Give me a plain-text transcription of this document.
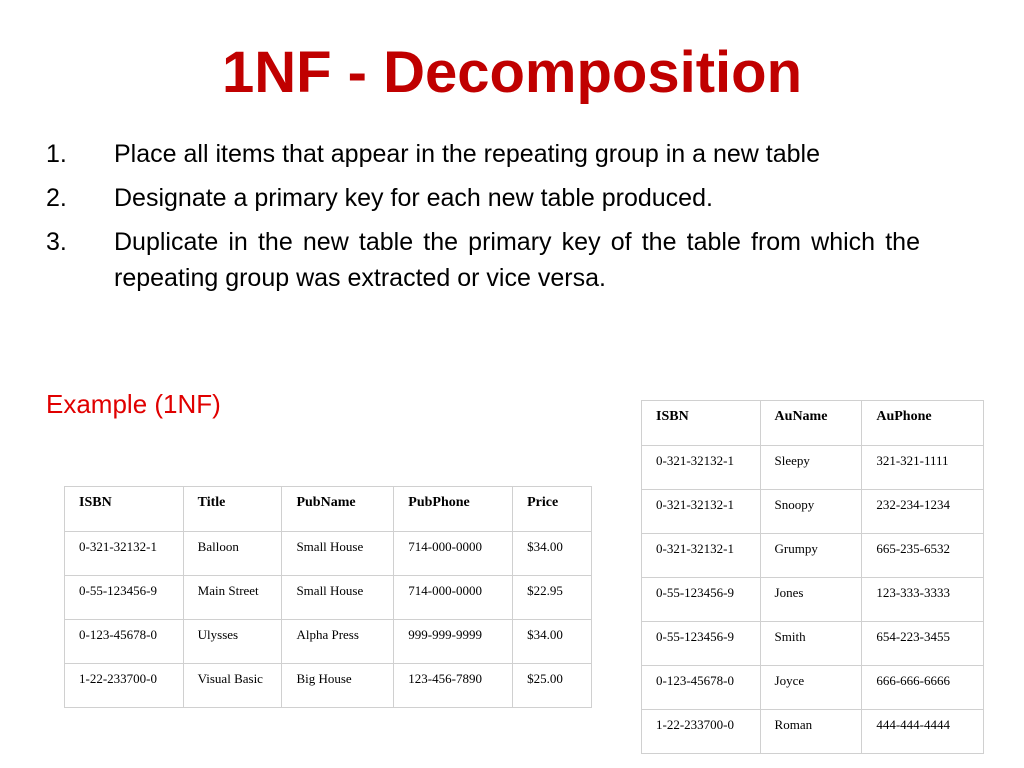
1NF - Decomposition
1. Place all items that appear in the repeating group in a new table
2. Designate a primary key for each new table produced.
3. Duplicate in the new table the primary key of the table from which the repeating group was extracted or vice versa.
Example (1NF)
ISBN	Title	PubName	PubPhone	Price
0-321-32132-1	Balloon	Small House	714-000-0000	$34.00
0-55-123456-9	Main Street	Small House	714-000-0000	$22.95
0-123-45678-0	Ulysses	Alpha Press	999-999-9999	$34.00
1-22-233700-0	Visual Basic	Big House	123-456-7890	$25.00
ISBN	AuName	AuPhone
0-321-32132-1	Sleepy	321-321-1111
0-321-32132-1	Snoopy	232-234-1234
0-321-32132-1	Grumpy	665-235-6532
0-55-123456-9	Jones	123-333-3333
0-55-123456-9	Smith	654-223-3455
0-123-45678-0	Joyce	666-666-6666
1-22-233700-0	Roman	444-444-4444
